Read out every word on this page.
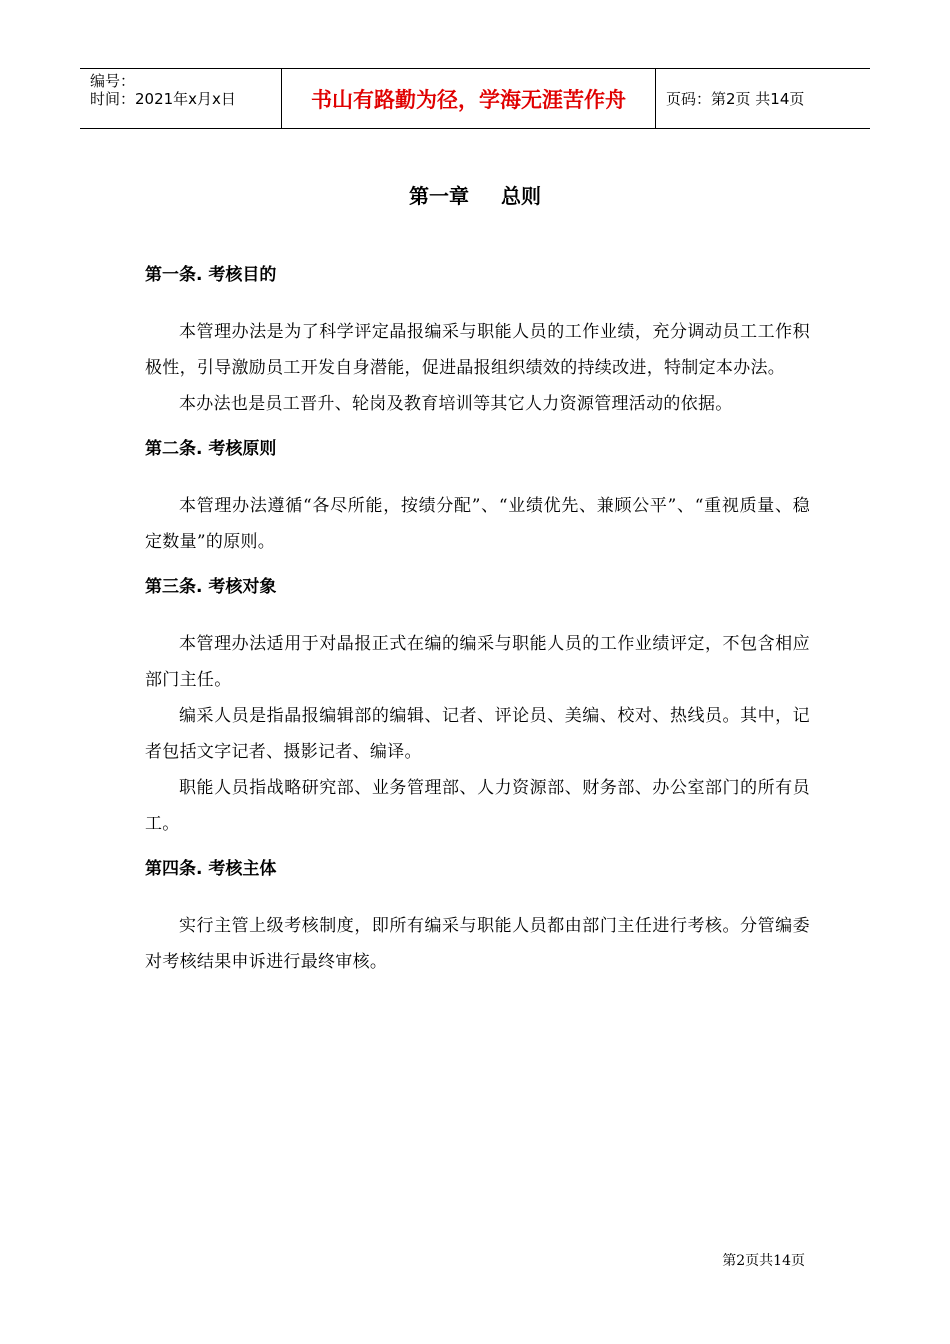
编号：
时间：2021年x月x日	书山有路勤为径，学海无涯苦作舟	页码：第2页 共14页
第一章 总则
第一条. 考核目的

本管理办法是为了科学评定晶报编采与职能人员的工作业绩，充分调动员工工作积极性，引导激励员工开发自身潜能，促进晶报组织绩效的持续改进，特制定本办法。

本办法也是员工晋升、轮岗及教育培训等其它人力资源管理活动的依据。

第二条. 考核原则

本管理办法遵循“各尽所能，按绩分配”、“业绩优先、兼顾公平”、“重视质量、稳定数量”的原则。

第三条. 考核对象

本管理办法适用于对晶报正式在编的编采与职能人员的工作业绩评定，不包含相应部门主任。

编采人员是指晶报编辑部的编辑、记者、评论员、美编、校对、热线员。其中，记者包括文字记者、摄影记者、编译。

职能人员指战略研究部、业务管理部、人力资源部、财务部、办公室部门的所有员工。

第四条. 考核主体

实行主管上级考核制度，即所有编采与职能人员都由部门主任进行考核。分管编委对考核结果申诉进行最终审核。

第2页共14页
